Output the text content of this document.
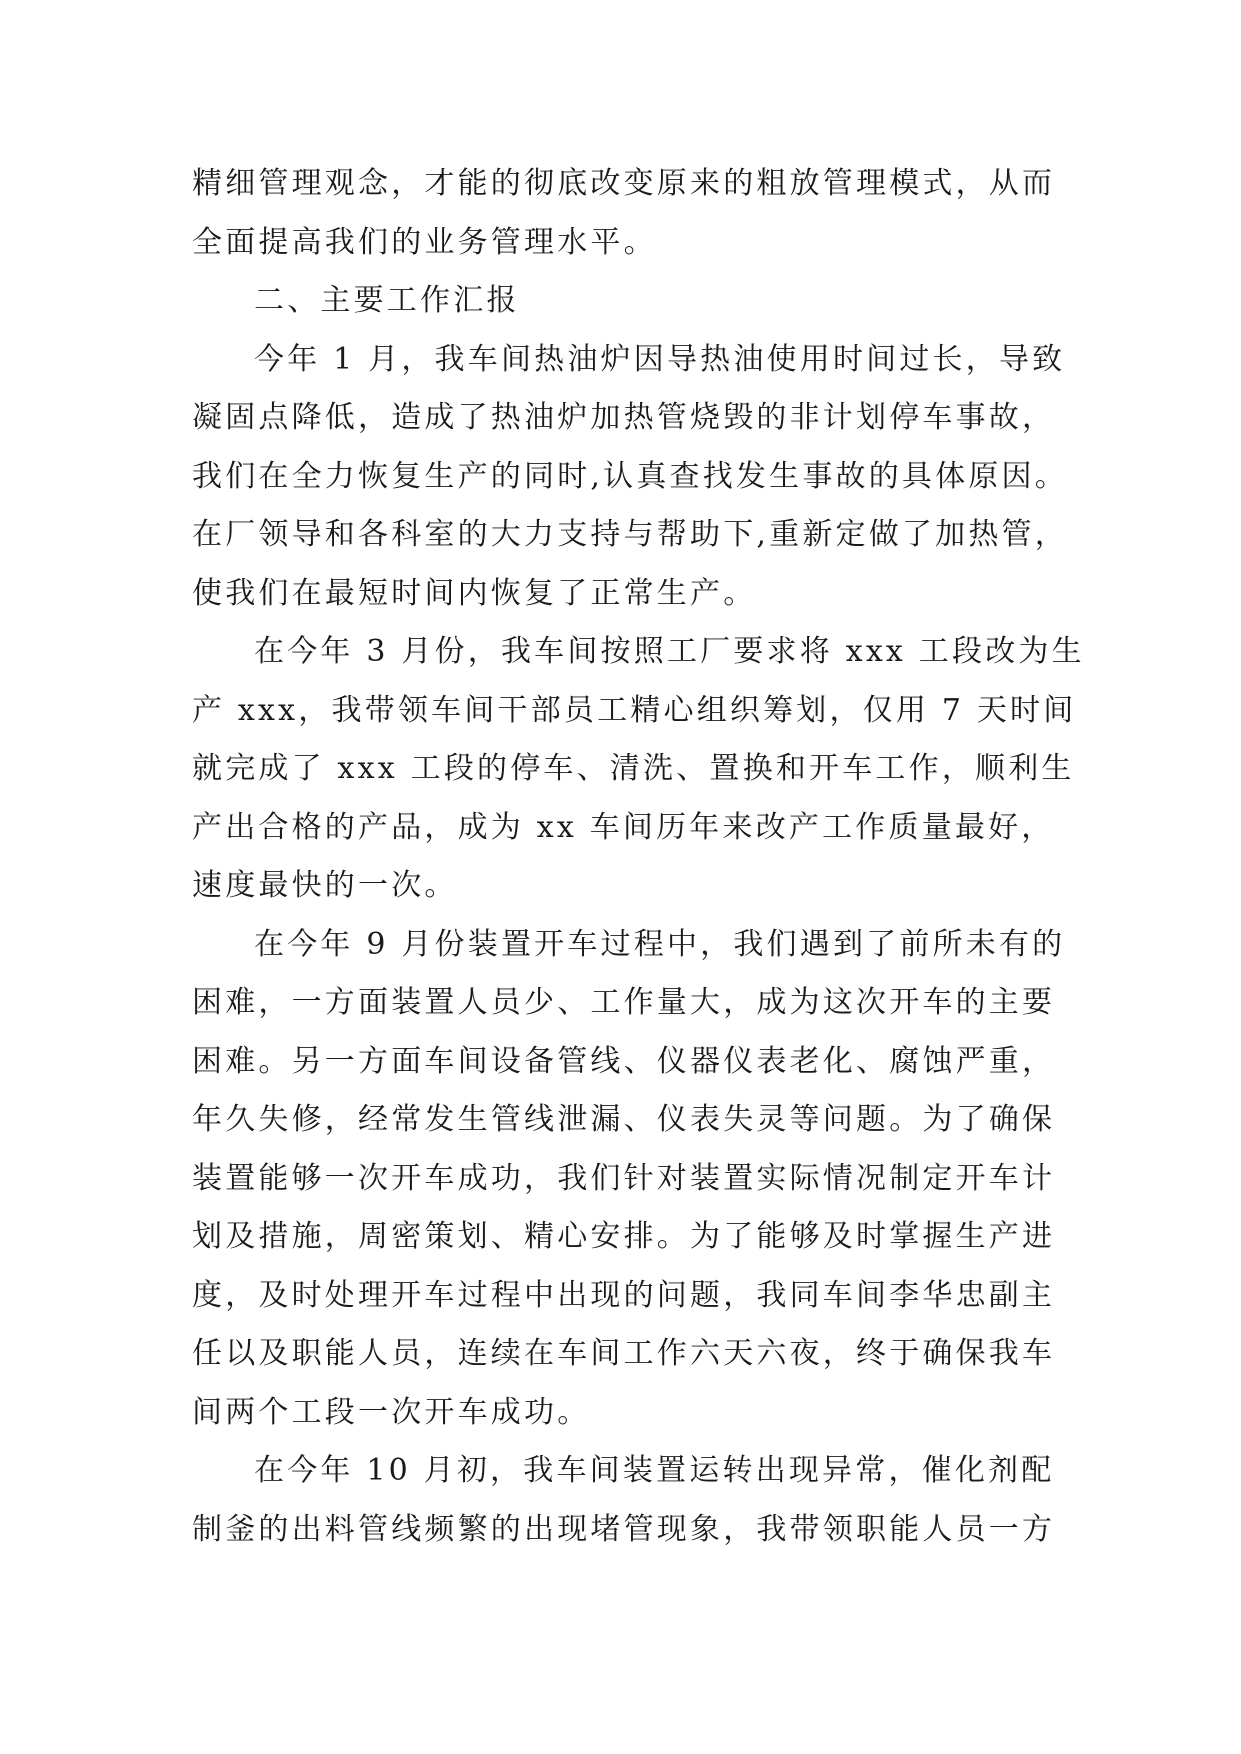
精细管理观念，才能的彻底改变原来的粗放管理模式，从而
全面提高我们的业务管理水平。
二、主要工作汇报
今年 1 月，我车间热油炉因导热油使用时间过长，导致
凝固点降低，造成了热油炉加热管烧毁的非计划停车事故，
我们在全力恢复生产的同时,认真查找发生事故的具体原因。
在厂领导和各科室的大力支持与帮助下,重新定做了加热管，
使我们在最短时间内恢复了正常生产。
在今年 3 月份，我车间按照工厂要求将 xxx 工段改为生
产 xxx，我带领车间干部员工精心组织筹划，仅用 7 天时间
就完成了 xxx 工段的停车、清洗、置换和开车工作，顺利生
产出合格的产品，成为 xx 车间历年来改产工作质量最好，
速度最快的一次。
在今年 9 月份装置开车过程中，我们遇到了前所未有的
困难，一方面装置人员少、工作量大，成为这次开车的主要
困难。另一方面车间设备管线、仪器仪表老化、腐蚀严重，
年久失修，经常发生管线泄漏、仪表失灵等问题。为了确保
装置能够一次开车成功，我们针对装置实际情况制定开车计
划及措施，周密策划、精心安排。为了能够及时掌握生产进
度，及时处理开车过程中出现的问题，我同车间李华忠副主
任以及职能人员，连续在车间工作六天六夜，终于确保我车
间两个工段一次开车成功。
在今年 10 月初，我车间装置运转出现异常，催化剂配
制釜的出料管线频繁的出现堵管现象，我带领职能人员一方
